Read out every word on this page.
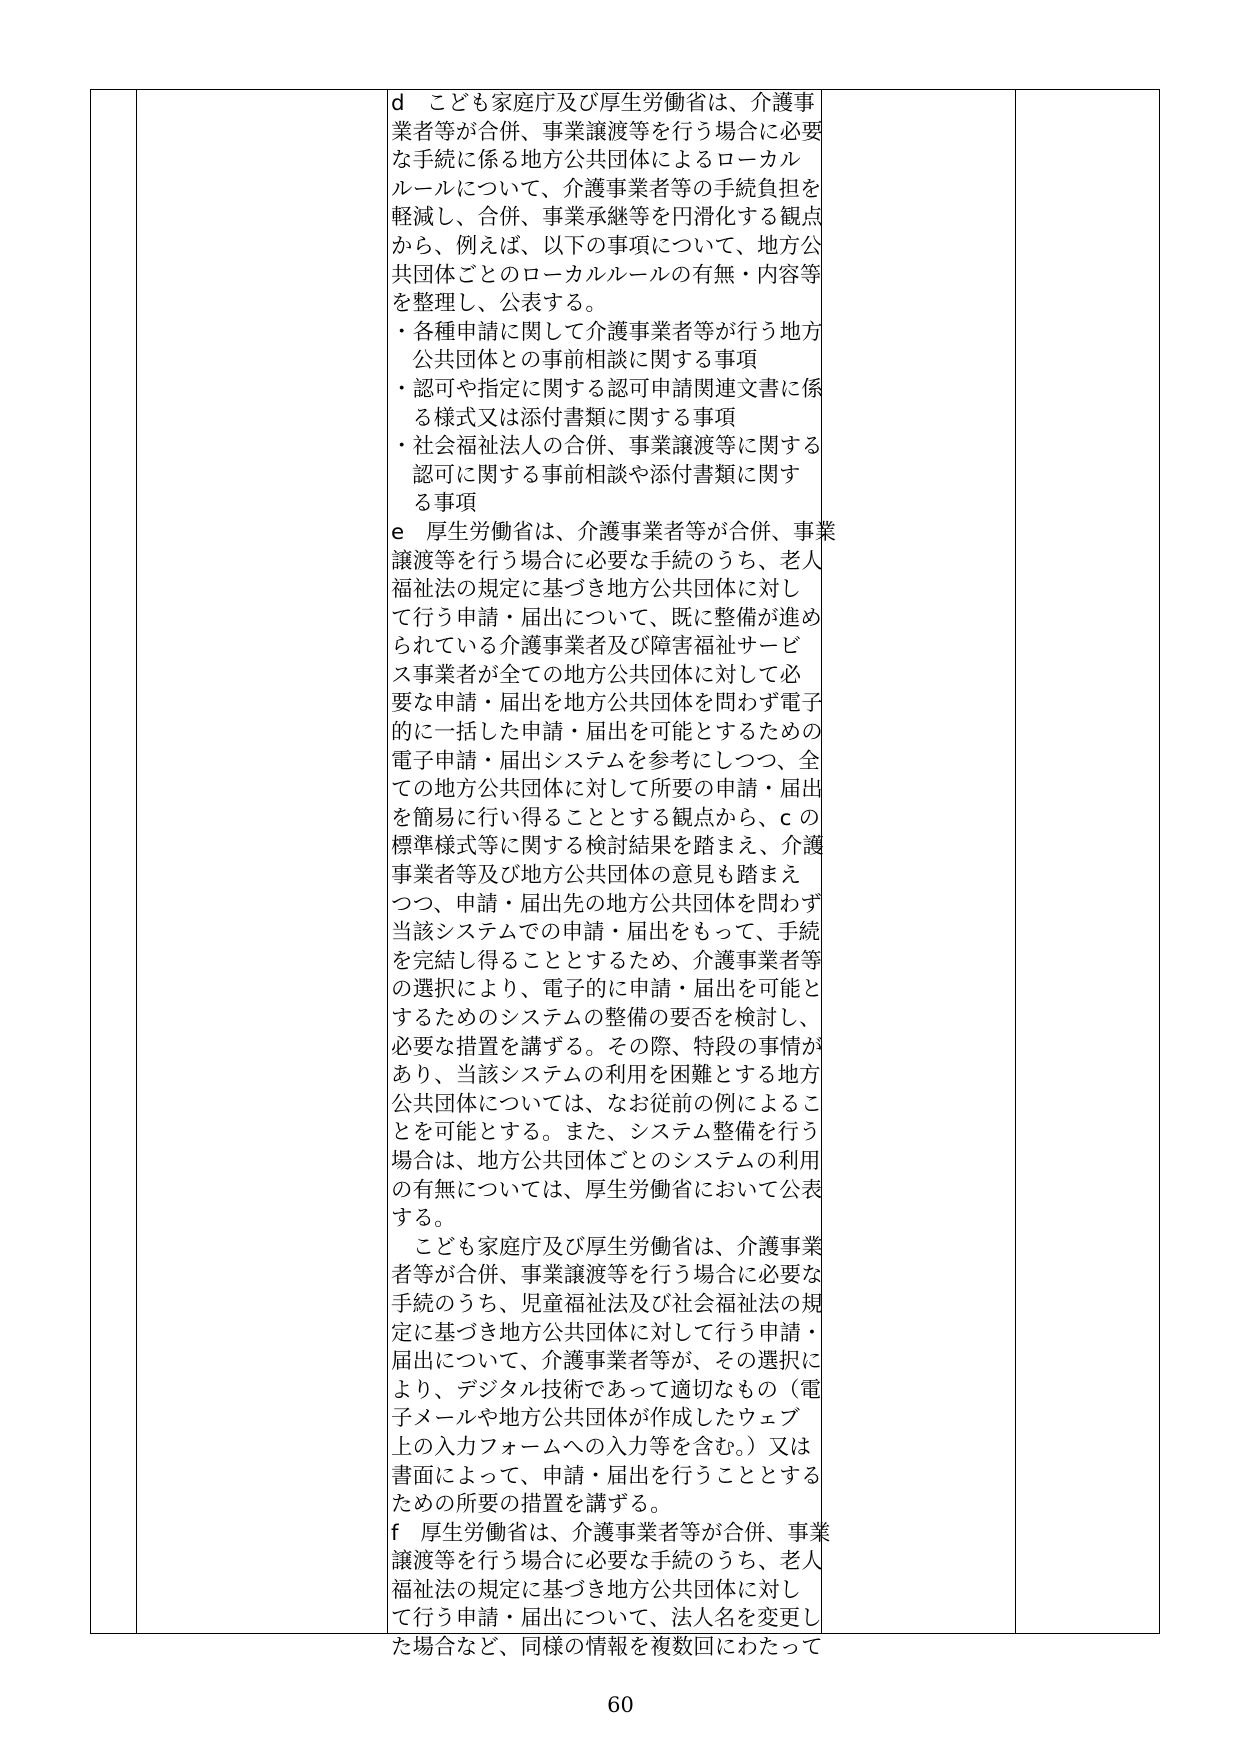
d　こども家庭庁及び厚生労働省は、介護事
業者等が合併、事業譲渡等を行う場合に必要
な手続に係る地方公共団体によるローカル
ルールについて、介護事業者等の手続負担を
軽減し、合併、事業承継等を円滑化する観点
から、例えば、以下の事項について、地方公
共団体ごとのローカルルールの有無・内容等
を整理し、公表する。
・各種申請に関して介護事業者等が行う地方
公共団体との事前相談に関する事項
・認可や指定に関する認可申請関連文書に係
る様式又は添付書類に関する事項
・社会福祉法人の合併、事業譲渡等に関する
認可に関する事前相談や添付書類に関す
る事項
e　厚生労働省は、介護事業者等が合併、事業
譲渡等を行う場合に必要な手続のうち、老人
福祉法の規定に基づき地方公共団体に対し
て行う申請・届出について、既に整備が進め
られている介護事業者及び障害福祉サービ
ス事業者が全ての地方公共団体に対して必
要な申請・届出を地方公共団体を問わず電子
的に一括した申請・届出を可能とするための
電子申請・届出システムを参考にしつつ、全
ての地方公共団体に対して所要の申請・届出
を簡易に行い得ることとする観点から、c の
標準様式等に関する検討結果を踏まえ、介護
事業者等及び地方公共団体の意見も踏まえ
つつ、申請・届出先の地方公共団体を問わず
当該システムでの申請・届出をもって、手続
を完結し得ることとするため、介護事業者等
の選択により、電子的に申請・届出を可能と
するためのシステムの整備の要否を検討し、
必要な措置を講ずる。その際、特段の事情が
あり、当該システムの利用を困難とする地方
公共団体については、なお従前の例によるこ
とを可能とする。また、システム整備を行う
場合は、地方公共団体ごとのシステムの利用
の有無については、厚生労働省において公表
する。
　こども家庭庁及び厚生労働省は、介護事業
者等が合併、事業譲渡等を行う場合に必要な
手続のうち、児童福祉法及び社会福祉法の規
定に基づき地方公共団体に対して行う申請・
届出について、介護事業者等が、その選択に
より、デジタル技術であって適切なもの（電
子メールや地方公共団体が作成したウェブ
上の入力フォームへの入力等を含む。）又は
書面によって、申請・届出を行うこととする
ための所要の措置を講ずる。
f　厚生労働省は、介護事業者等が合併、事業
譲渡等を行う場合に必要な手続のうち、老人
福祉法の規定に基づき地方公共団体に対し
て行う申請・届出について、法人名を変更し
た場合など、同様の情報を複数回にわたって
60
